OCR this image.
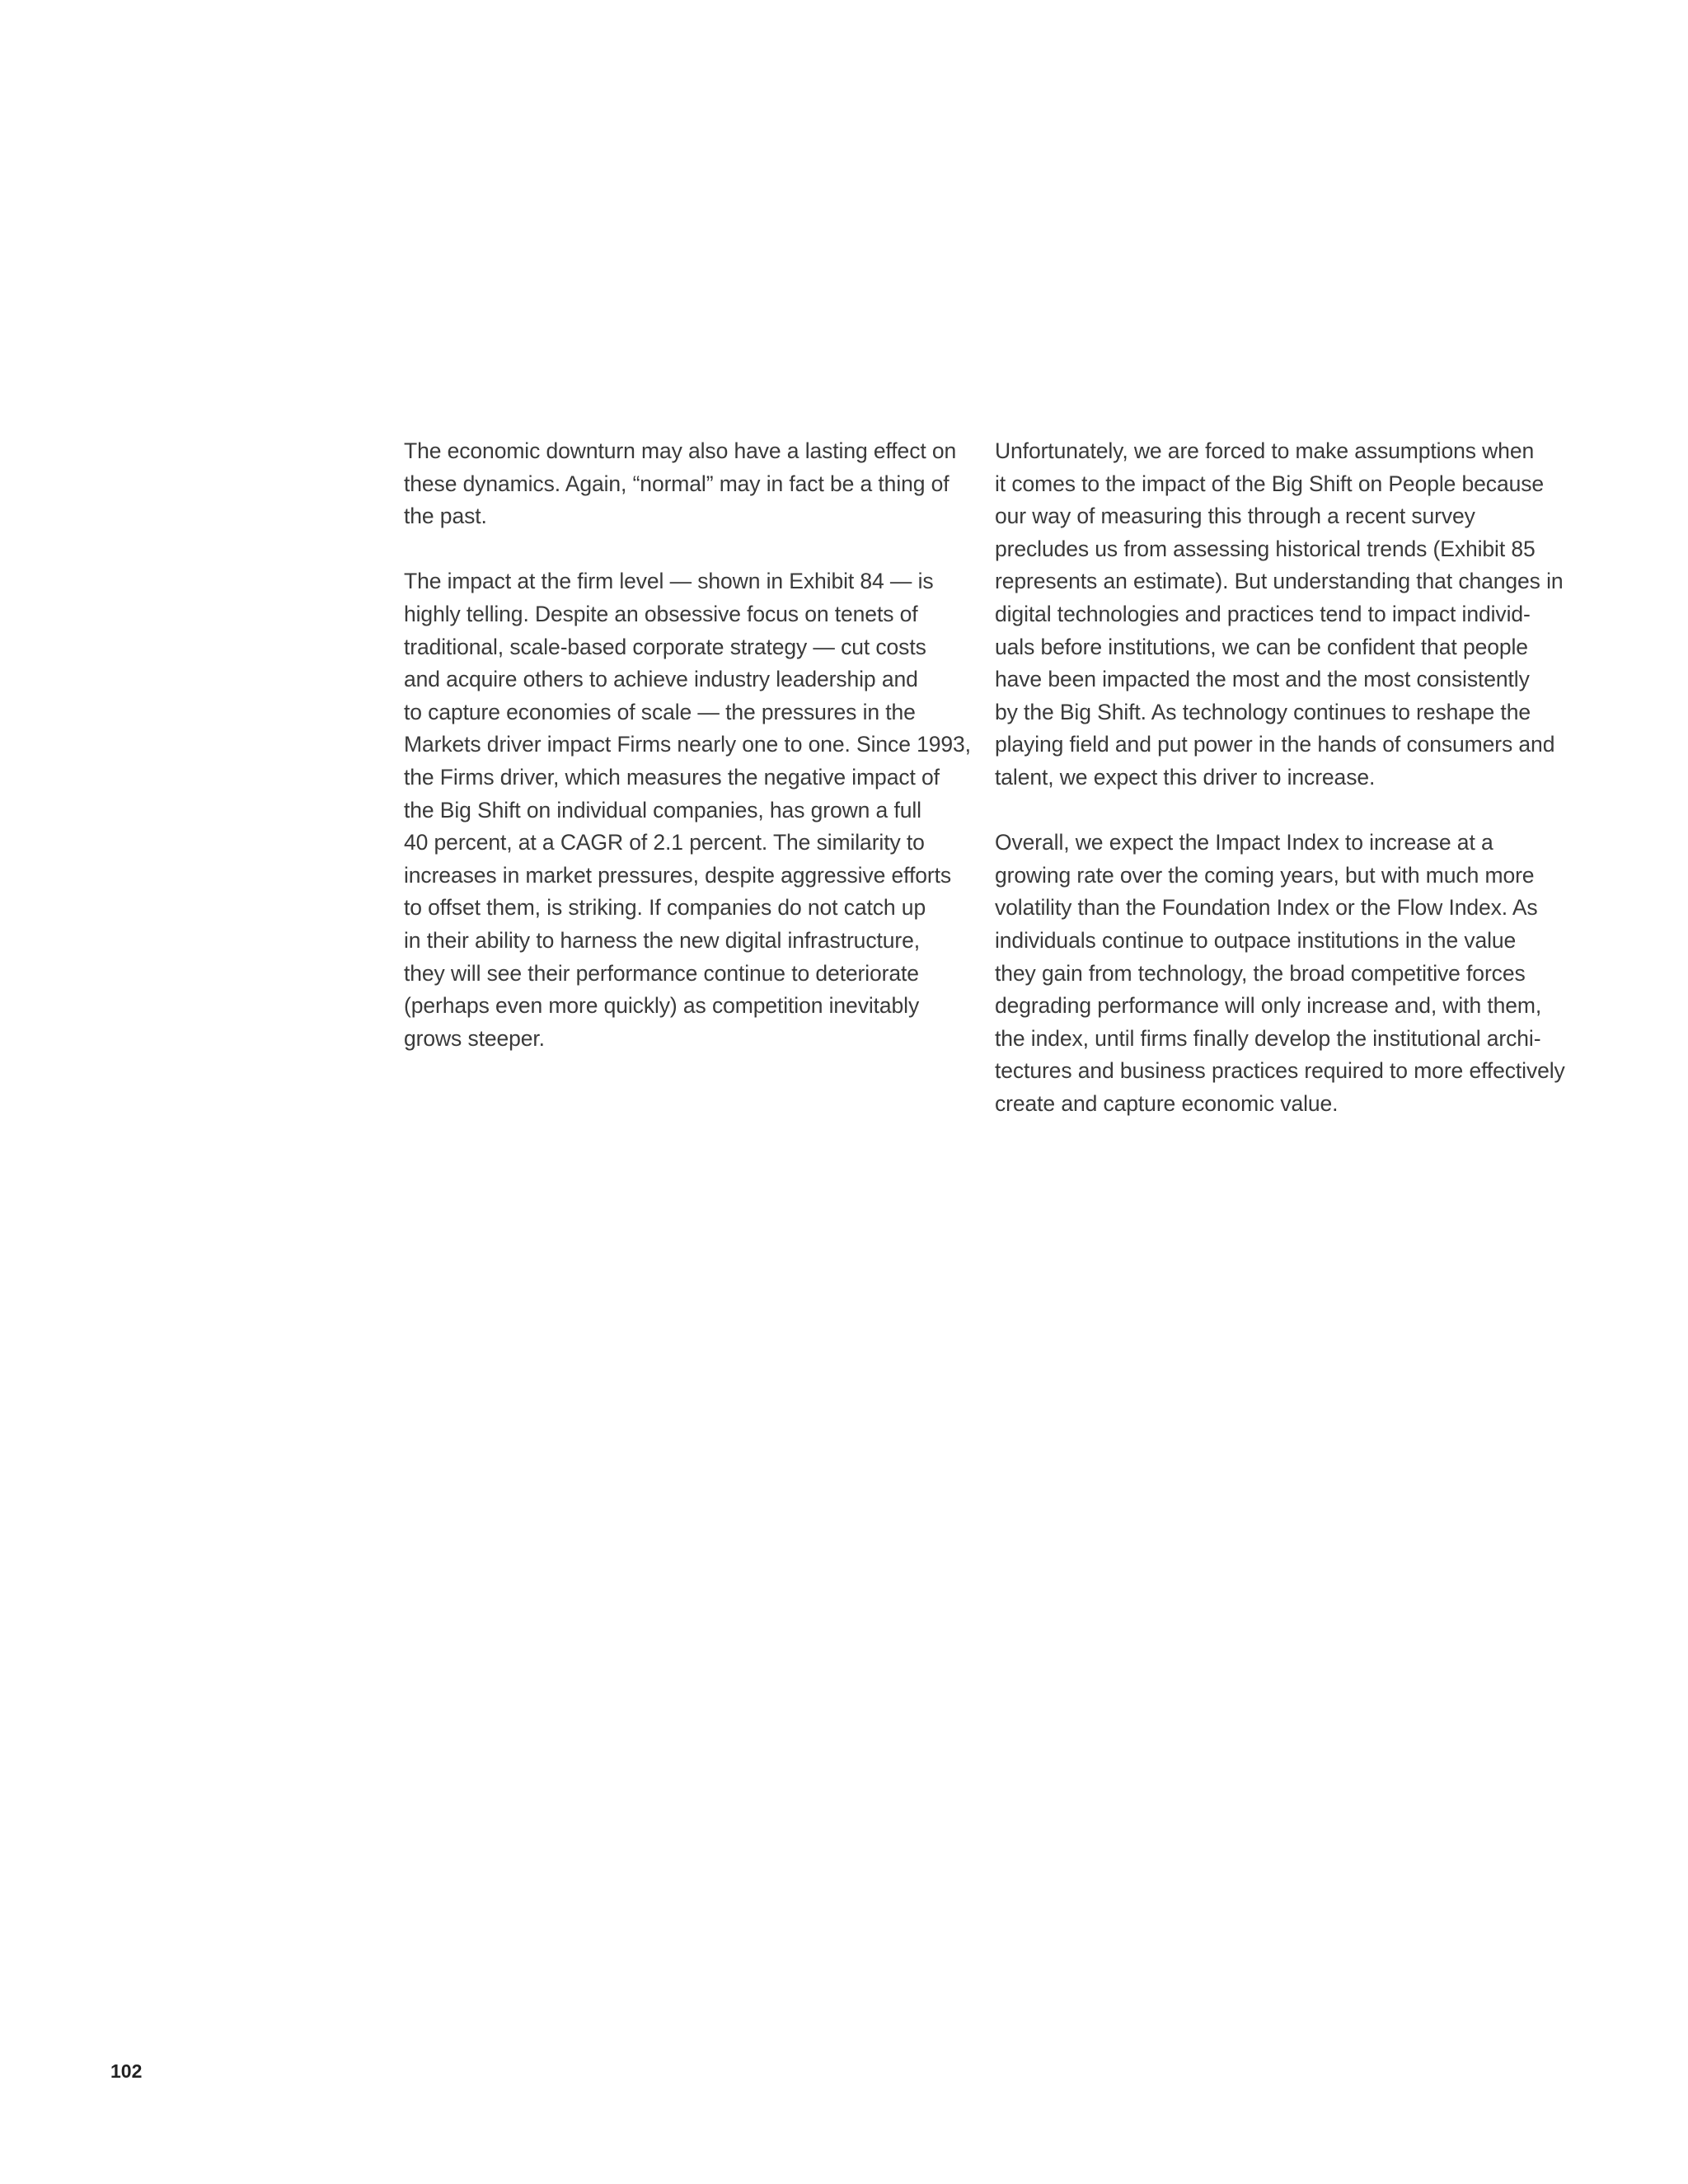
The economic downturn may also have a lasting effect on
these dynamics. Again, “normal” may in fact be a thing of
the past.
The impact at the firm level — shown in Exhibit 84 — is
highly telling. Despite an obsessive focus on tenets of
traditional, scale-based corporate strategy — cut costs
and acquire others to achieve industry leadership and
to capture economies of scale — the pressures in the
Markets driver impact Firms nearly one to one. Since 1993,
the Firms driver, which measures the negative impact of
the Big Shift on individual companies, has grown a full
40 percent, at a CAGR of 2.1 percent. The similarity to
increases in market pressures, despite aggressive efforts
to offset them, is striking. If companies do not catch up
in their ability to harness the new digital infrastructure,
they will see their performance continue to deteriorate
(perhaps even more quickly) as competition inevitably
grows steeper.
Unfortunately, we are forced to make assumptions when
it comes to the impact of the Big Shift on People because
our way of measuring this through a recent survey
precludes us from assessing historical trends (Exhibit 85
represents an estimate). But understanding that changes in
digital technologies and practices tend to impact individ-
uals before institutions, we can be confident that people
have been impacted the most and the most consistently
by the Big Shift. As technology continues to reshape the
playing field and put power in the hands of consumers and
talent, we expect this driver to increase.
Overall, we expect the Impact Index to increase at a
growing rate over the coming years, but with much more
volatility than the Foundation Index or the Flow Index. As
individuals continue to outpace institutions in the value
they gain from technology, the broad competitive forces
degrading performance will only increase and, with them,
the index, until firms finally develop the institutional archi-
tectures and business practices required to more effectively
create and capture economic value.
102
